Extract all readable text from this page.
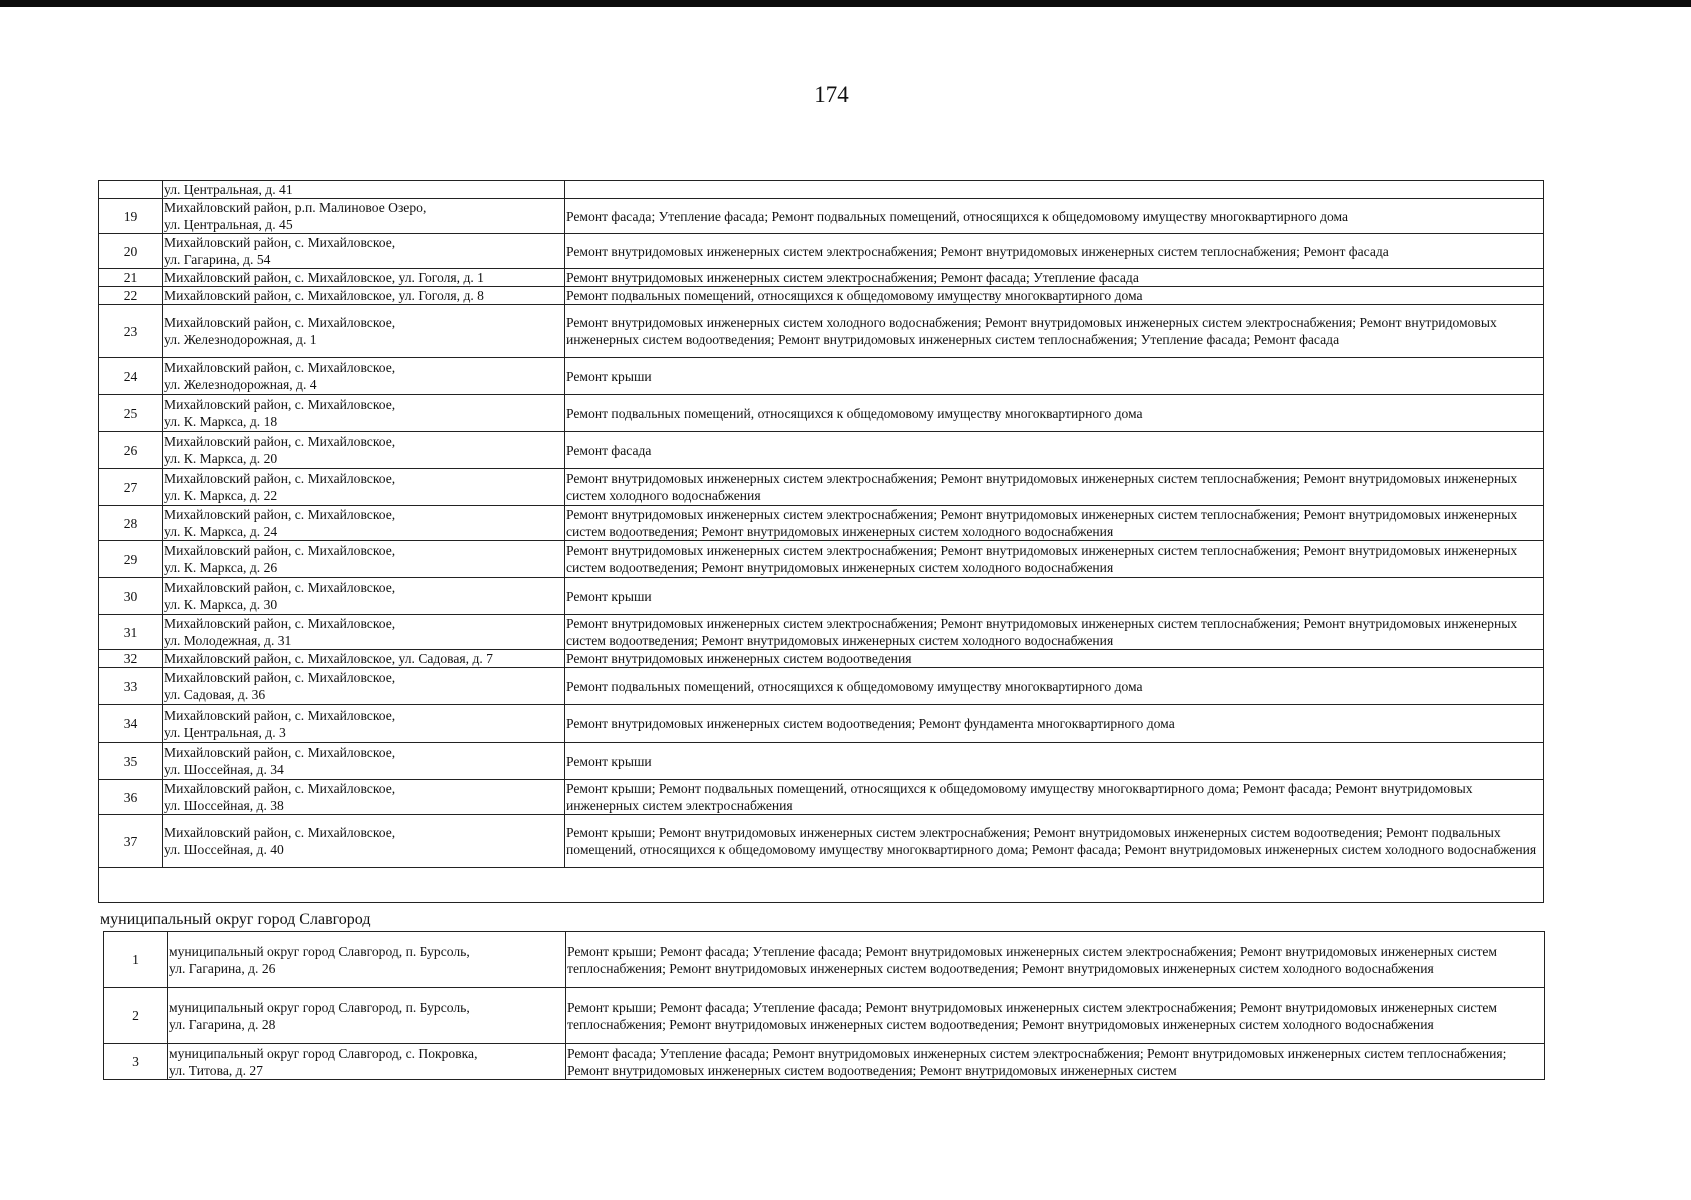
174

	ул. Центральная, д. 41	

19	Михайловский район, р.п. Малиновое Озеро,
ул. Центральная, д. 45	Ремонт фасада; Утепление фасада; Ремонт подвальных помещений, относящихся к общедомовому имуществу многоквартирного дома
20	Михайловский район, с. Михайловское,
ул. Гагарина, д. 54	Ремонт внутридомовых инженерных систем электроснабжения; Ремонт внутридомовых инженерных систем теплоснабжения; Ремонт фасада
21	Михайловский район, с. Михайловское, ул. Гоголя, д. 1	Ремонт внутридомовых инженерных систем электроснабжения; Ремонт фасада; Утепление фасада
22	Михайловский район, с. Михайловское, ул. Гоголя, д. 8	Ремонт подвальных помещений, относящихся к общедомовому имуществу многоквартирного дома
23	Михайловский район, с. Михайловское,
ул. Железнодорожная, д. 1	Ремонт внутридомовых инженерных систем холодного водоснабжения; Ремонт внутридомовых инженерных систем электроснабжения; Ремонт внутридомовых инженерных систем водоотведения; Ремонт внутридомовых инженерных систем теплоснабжения; Утепление фасада; Ремонт фасада
24	Михайловский район, с. Михайловское,
ул. Железнодорожная, д. 4	Ремонт крыши
25	Михайловский район, с. Михайловское,
ул. К. Маркса, д. 18	Ремонт подвальных помещений, относящихся к общедомовому имуществу многоквартирного дома
26	Михайловский район, с. Михайловское,
ул. К. Маркса, д. 20	Ремонт фасада
27	Михайловский район, с. Михайловское,
ул. К. Маркса, д. 22	Ремонт внутридомовых инженерных систем электроснабжения; Ремонт внутридомовых инженерных систем теплоснабжения; Ремонт внутридомовых инженерных систем холодного водоснабжения
28	Михайловский район, с. Михайловское,
ул. К. Маркса, д. 24	Ремонт внутридомовых инженерных систем электроснабжения; Ремонт внутридомовых инженерных систем теплоснабжения; Ремонт внутридомовых инженерных систем водоотведения; Ремонт внутридомовых инженерных систем холодного водоснабжения
29	Михайловский район, с. Михайловское,
ул. К. Маркса, д. 26	Ремонт внутридомовых инженерных систем электроснабжения; Ремонт внутридомовых инженерных систем теплоснабжения; Ремонт внутридомовых инженерных систем водоотведения; Ремонт внутридомовых инженерных систем холодного водоснабжения
30	Михайловский район, с. Михайловское,
ул. К. Маркса, д. 30	Ремонт крыши
31	Михайловский район, с. Михайловское,
ул. Молодежная, д. 31	Ремонт внутридомовых инженерных систем электроснабжения; Ремонт внутридомовых инженерных систем теплоснабжения; Ремонт внутридомовых инженерных систем водоотведения; Ремонт внутридомовых инженерных систем холодного водоснабжения
32	Михайловский район, с. Михайловское, ул. Садовая, д. 7	Ремонт внутридомовых инженерных систем водоотведения
33	Михайловский район, с. Михайловское,
ул. Садовая, д. 36	Ремонт подвальных помещений, относящихся к общедомовому имуществу многоквартирного дома
34	Михайловский район, с. Михайловское,
ул. Центральная, д. 3	Ремонт внутридомовых инженерных систем водоотведения; Ремонт фундамента многоквартирного дома
35	Михайловский район, с. Михайловское,
ул. Шоссейная, д. 34	Ремонт крыши
36	Михайловский район, с. Михайловское,
ул. Шоссейная, д. 38	Ремонт крыши; Ремонт подвальных помещений, относящихся к общедомовому имуществу многоквартирного дома; Ремонт фасада; Ремонт внутридомовых инженерных систем электроснабжения
37	Михайловский район, с. Михайловское,
ул. Шоссейная, д. 40	Ремонт крыши; Ремонт внутридомовых инженерных систем электроснабжения; Ремонт внутридомовых инженерных систем водоотведения; Ремонт подвальных помещений, относящихся к общедомовому имуществу многоквартирного дома; Ремонт фасада; Ремонт внутридомовых инженерных систем холодного водоснабжения

муниципальный округ город Славгород
1	муниципальный округ город Славгород, п. Бурсоль,
ул. Гагарина, д. 26	Ремонт крыши; Ремонт фасада; Утепление фасада; Ремонт внутридомовых инженерных систем электроснабжения; Ремонт внутридомовых инженерных систем теплоснабжения; Ремонт внутридомовых инженерных систем водоотведения; Ремонт внутридомовых инженерных систем холодного водоснабжения
2	муниципальный округ город Славгород, п. Бурсоль,
ул. Гагарина, д. 28	Ремонт крыши; Ремонт фасада; Утепление фасада; Ремонт внутридомовых инженерных систем электроснабжения; Ремонт внутридомовых инженерных систем теплоснабжения; Ремонт внутридомовых инженерных систем водоотведения; Ремонт внутридомовых инженерных систем холодного водоснабжения
3	муниципальный округ город Славгород, с. Покровка,
ул. Титова, д. 27	Ремонт фасада; Утепление фасада; Ремонт внутридомовых инженерных систем электроснабжения; Ремонт внутридомовых инженерных систем теплоснабжения; Ремонт внутридомовых инженерных систем водоотведения; Ремонт внутридомовых инженерных систем
